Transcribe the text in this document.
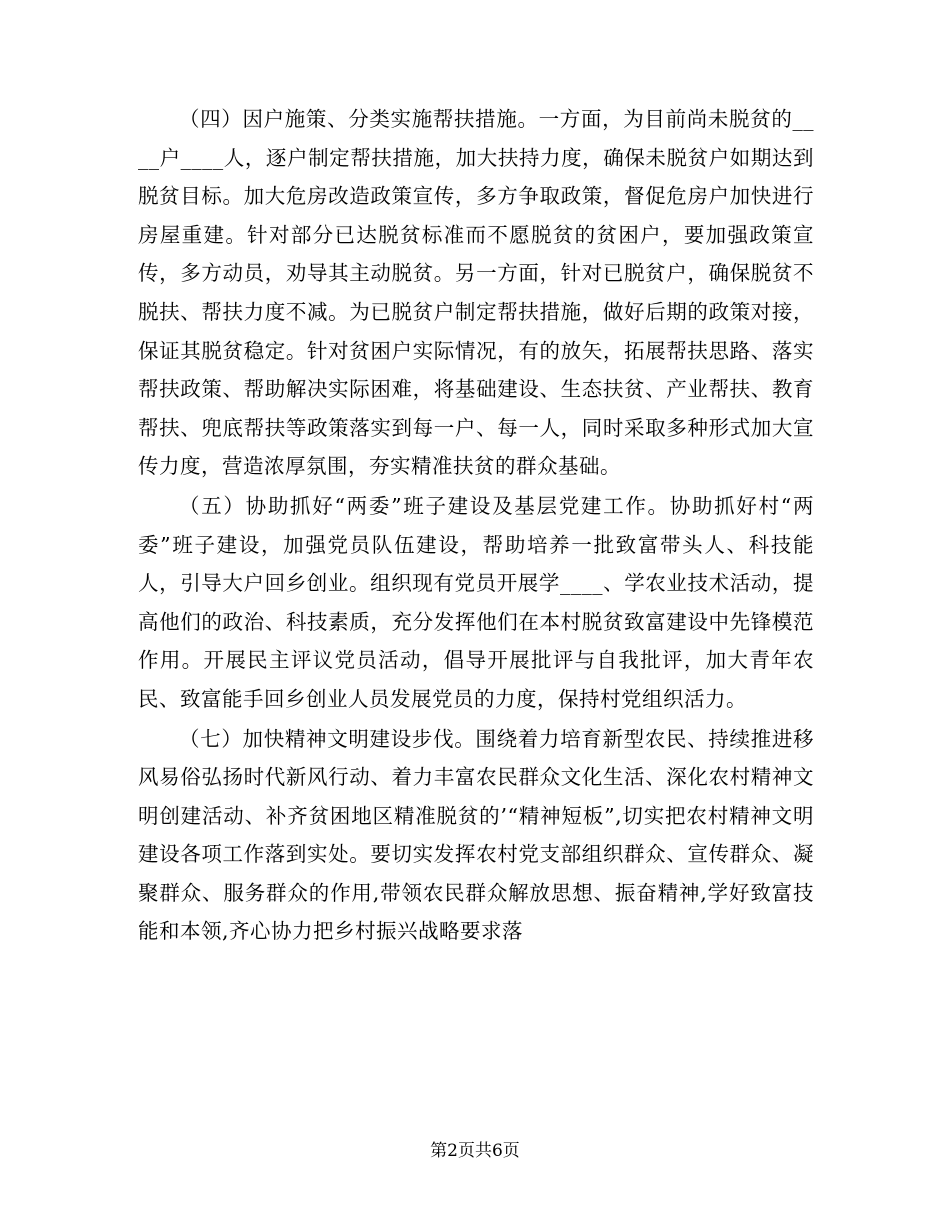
（四）因户施策、分类实施帮扶措施。一方面，为目前尚未脱贫的____户____人，逐户制定帮扶措施，加大扶持力度，确保未脱贫户如期达到脱贫目标。加大危房改造政策宣传，多方争取政策，督促危房户加快进行房屋重建。针对部分已达脱贫标准而不愿脱贫的贫困户，要加强政策宣传，多方动员，劝导其主动脱贫。另一方面，针对已脱贫户，确保脱贫不脱扶、帮扶力度不减。为已脱贫户制定帮扶措施，做好后期的政策对接，保证其脱贫稳定。针对贫困户实际情况，有的放矢，拓展帮扶思路、落实帮扶政策、帮助解决实际困难，将基础建设、生态扶贫、产业帮扶、教育帮扶、兜底帮扶等政策落实到每一户、每一人，同时采取多种形式加大宣传力度，营造浓厚氛围，夯实精准扶贫的群众基础。

（五）协助抓好“两委”班子建设及基层党建工作。协助抓好村“两委”班子建设，加强党员队伍建设，帮助培养一批致富带头人、科技能人，引导大户回乡创业。组织现有党员开展学____、学农业技术活动，提高他们的政治、科技素质，充分发挥他们在本村脱贫致富建设中先锋模范作用。开展民主评议党员活动，倡导开展批评与自我批评，加大青年农民、致富能手回乡创业人员发展党员的力度，保持村党组织活力。

（七）加快精神文明建设步伐。围绕着力培育新型农民、持续推进移风易俗弘扬时代新风行动、着力丰富农民群众文化生活、深化农村精神文明创建活动、补齐贫困地区精准脱贫的’“精神短板”,切实把农村精神文明建设各项工作落到实处。要切实发挥农村党支部组织群众、宣传群众、凝聚群众、服务群众的作用,带领农民群众解放思想、振奋精神,学好致富技能和本领,齐心协力把乡村振兴战略要求落

第2页共6页
